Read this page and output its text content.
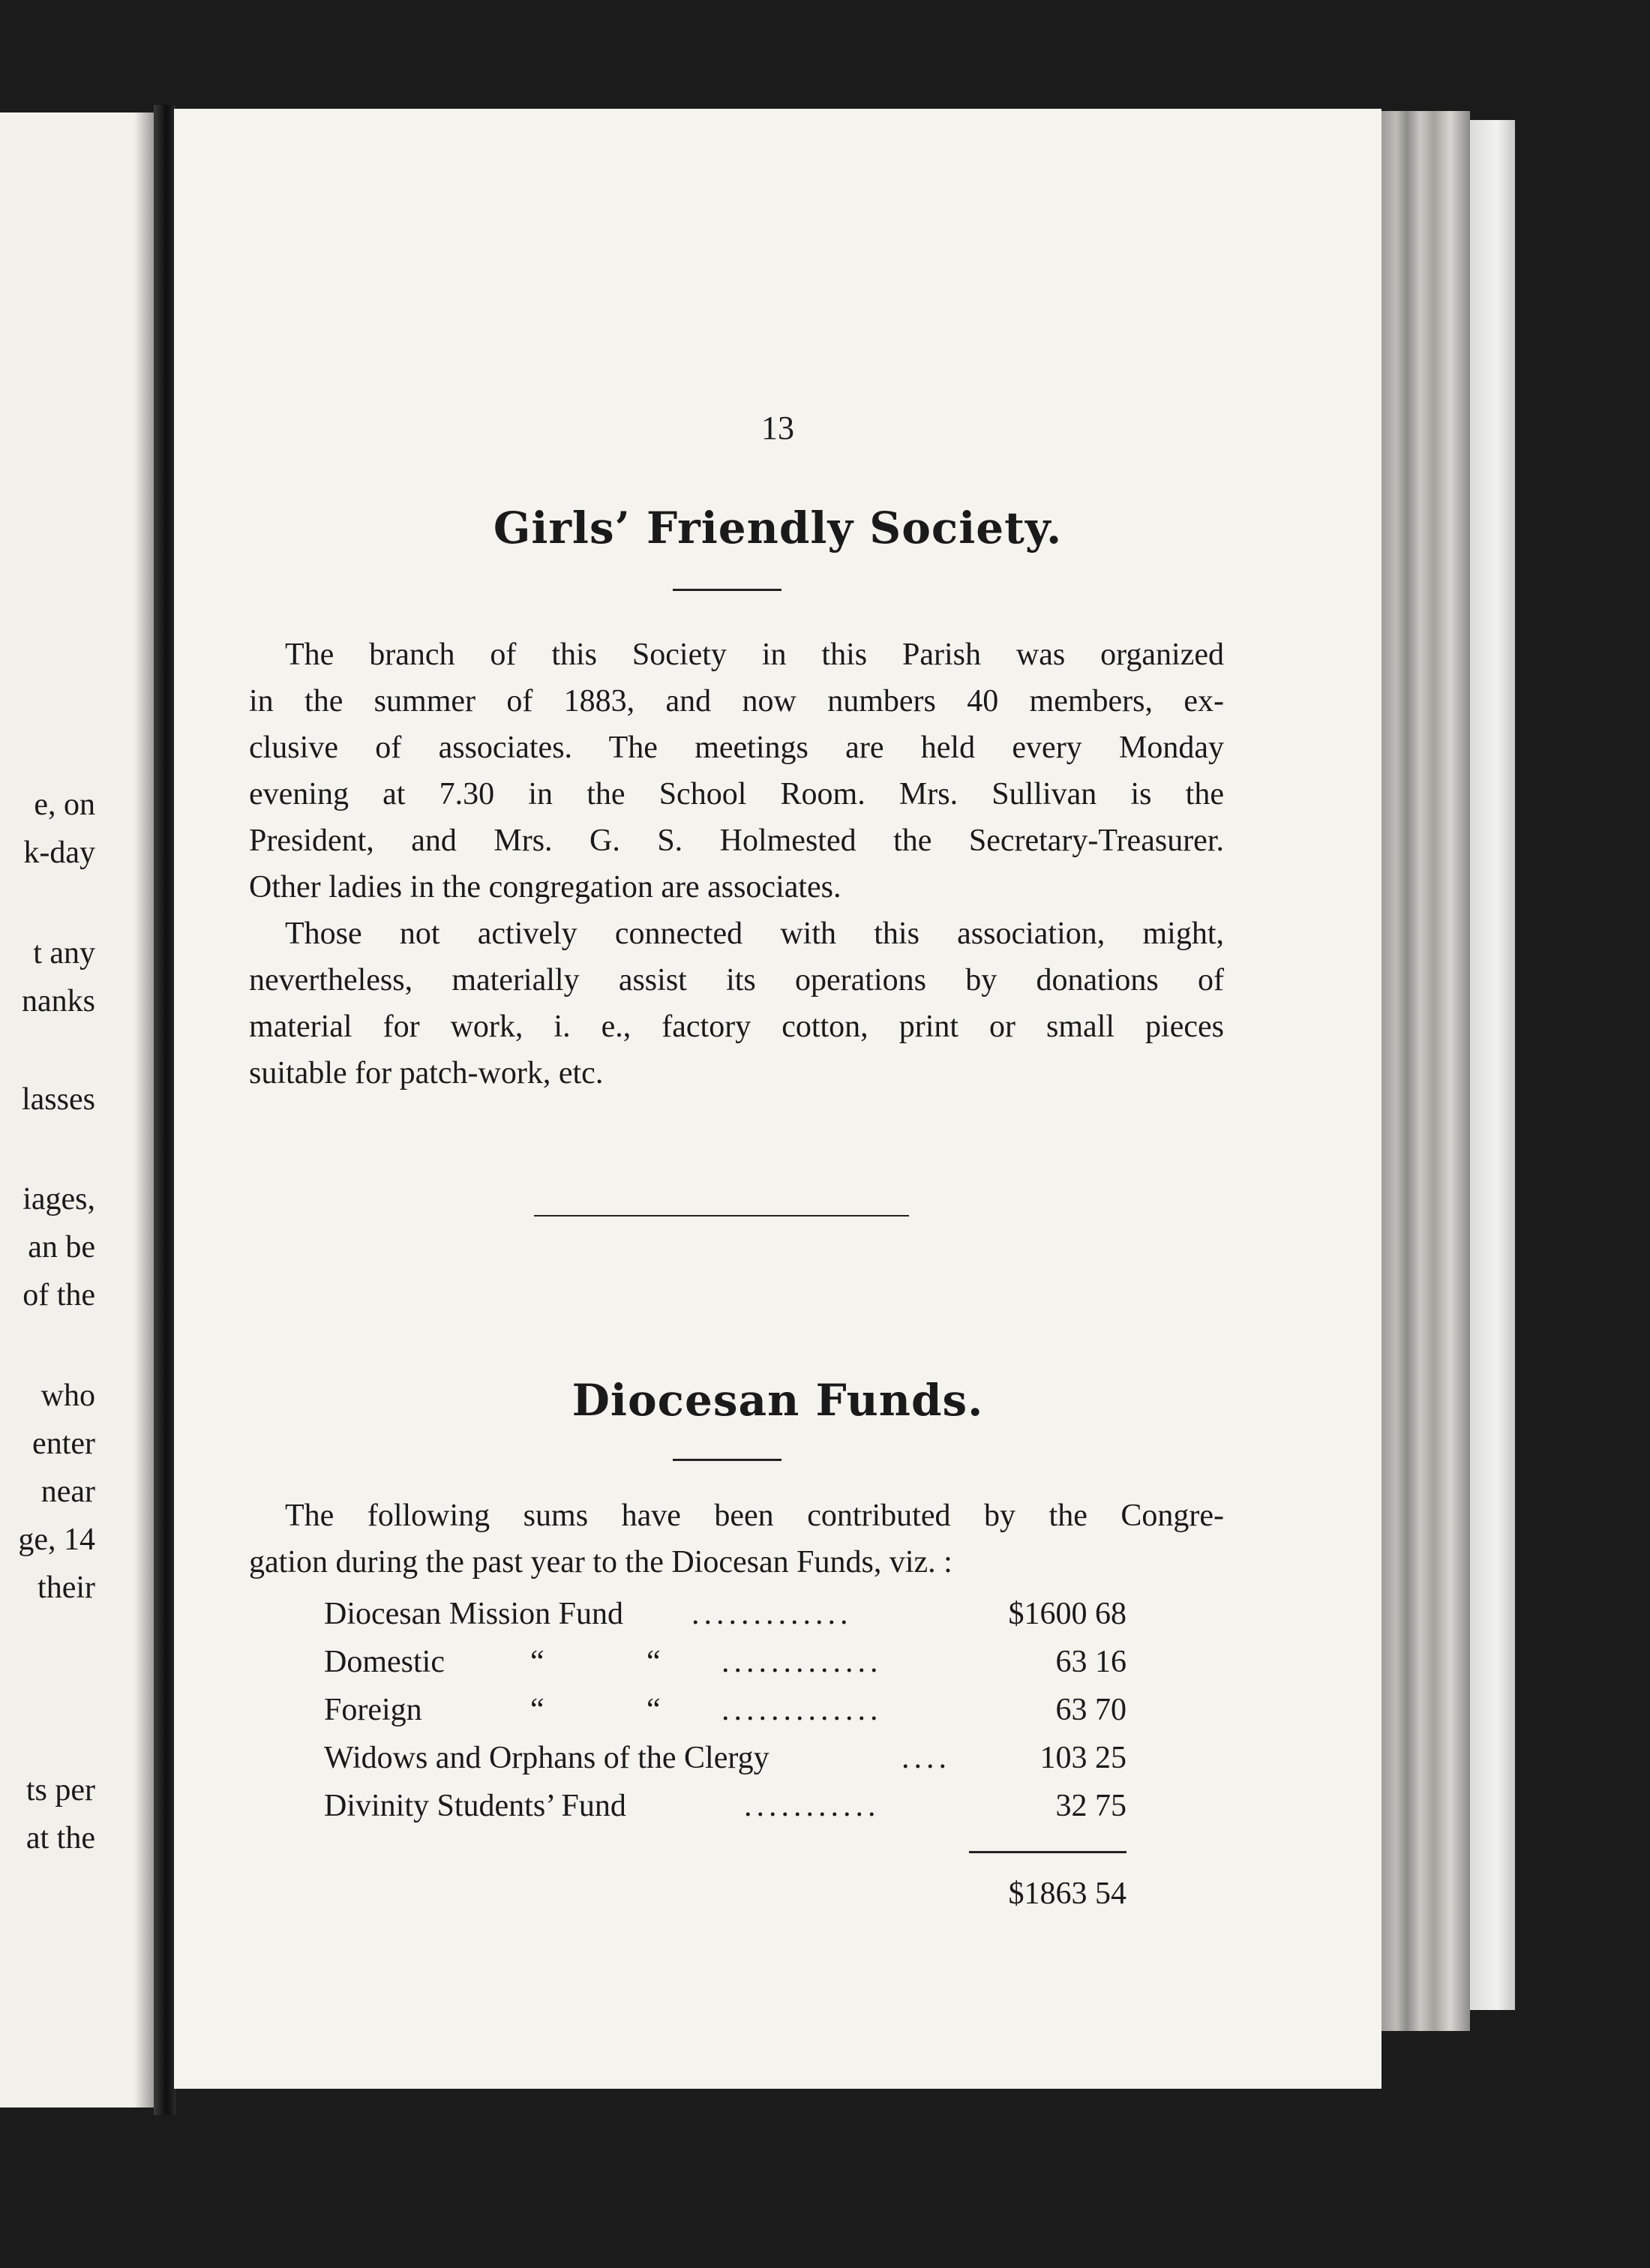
e, on
k-day
t any
nanks
lasses
iages,
an be
of the
who
enter
near
ge, 14
their
ts per
at the
13
Girls’ Friendly Society.
The branch of this Society in this Parish was organized
in the summer of 1883, and now numbers 40 members, ex-
clusive of associates. The meetings are held every Monday
evening at 7.30 in the School Room. Mrs. Sullivan is the
President, and Mrs. G. S. Holmested the Secretary-Treasurer.
Other ladies in the congregation are associates.
Those not actively connected with this association, might,
nevertheless, materially assist its operations by donations of
material for work, i. e., factory cotton, print or small pieces
suitable for patch-work, etc.
Diocesan Funds.
The following sums have been contributed by the Congre-
gation during the past year to the Diocesan Funds, viz. :
Diocesan Mission Fund .............	$1600 68
Domestic	“	“ .............	63 16
Foreign	“	“ .............	63 70
Widows and Orphans of the Clergy	....	103 25
Divinity Students’ Fund	...........	32 75
$1863 54
